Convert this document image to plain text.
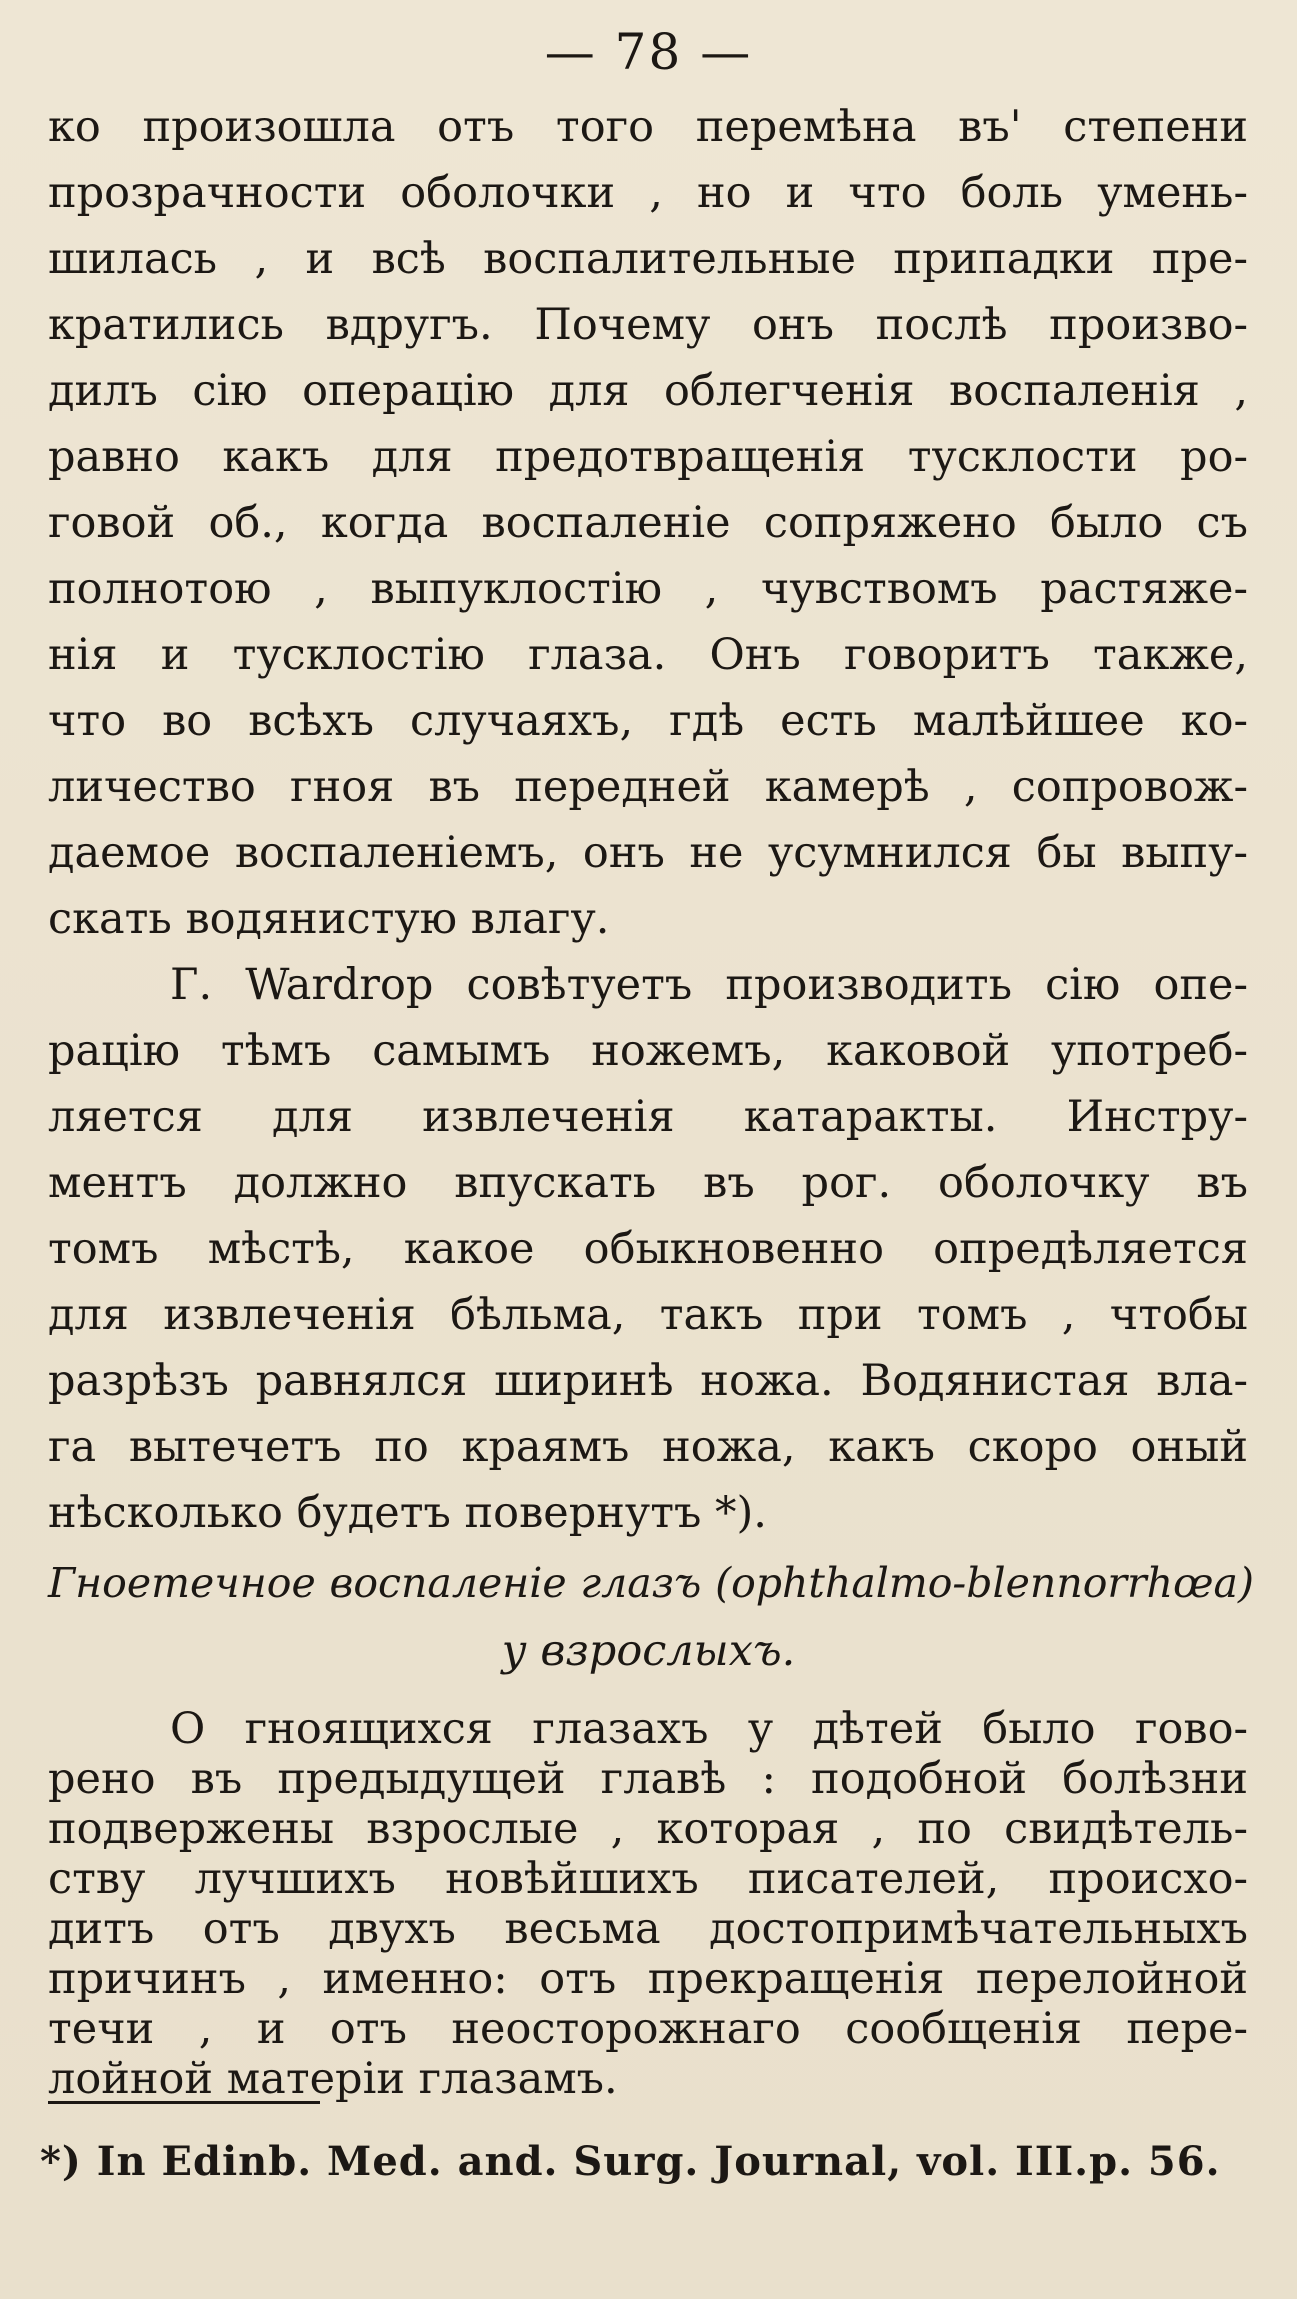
— 78 —
ко произошла отъ того перемѣна въ' степени
прозрачности оболочки , но и что боль умень-
шилась , и всѣ воспалительные припадки пре-
кратились вдругъ. Почему онъ послѣ произво-
дилъ сiю операцiю для облегченiя воспаленiя ,
равно какъ для предотвращенiя тусклости ро-
говой об., когда воспаленiе сопряжено было съ
полнотою , выпуклостiю , чувствомъ растяже-
нiя и тусклостiю глаза. Онъ говоритъ также,
что во всѣхъ случаяхъ, гдѣ есть малѣйшее ко-
личество гноя въ передней камерѣ , сопровож-
даемое воспаленiемъ, онъ не усумнился бы выпу-
скать водянистую влагу.
Г. Wardrop совѣтуетъ производить сiю опе-
рацiю тѣмъ самымъ ножемъ, каковой употреб-
ляется для извлеченiя катаракты. Инстру-
ментъ должно впускать въ рог. оболочку въ
томъ мѣстѣ, какое обыкновенно опредѣляется
для извлеченiя бѣльма, такъ при томъ , чтобы
разрѣзъ равнялся ширинѣ ножа. Водянистая вла-
га вытечетъ по краямъ ножа, какъ скоро оный
нѣсколько будетъ повернутъ *).
Гноетечное воспаленiе глазъ (ophthalmo-blennorrhœa)
у взрослыхъ.
О гноящихся глазахъ у дѣтей было гово-
рено въ предыдущей главѣ : подобной болѣзни
подвержены взрослые , которая , по свидѣтель-
ству лучшихъ новѣйшихъ писателей, происхо-
дитъ отъ двухъ весьма достопримѣчательныхъ
причинъ , именно: отъ прекращенiя перелойной
течи , и отъ неосторожнаго сообщенiя пере-
лойной матерiи глазамъ.
*) In Edinb. Med. and. Surg. Journal, vol. III.p. 56.
